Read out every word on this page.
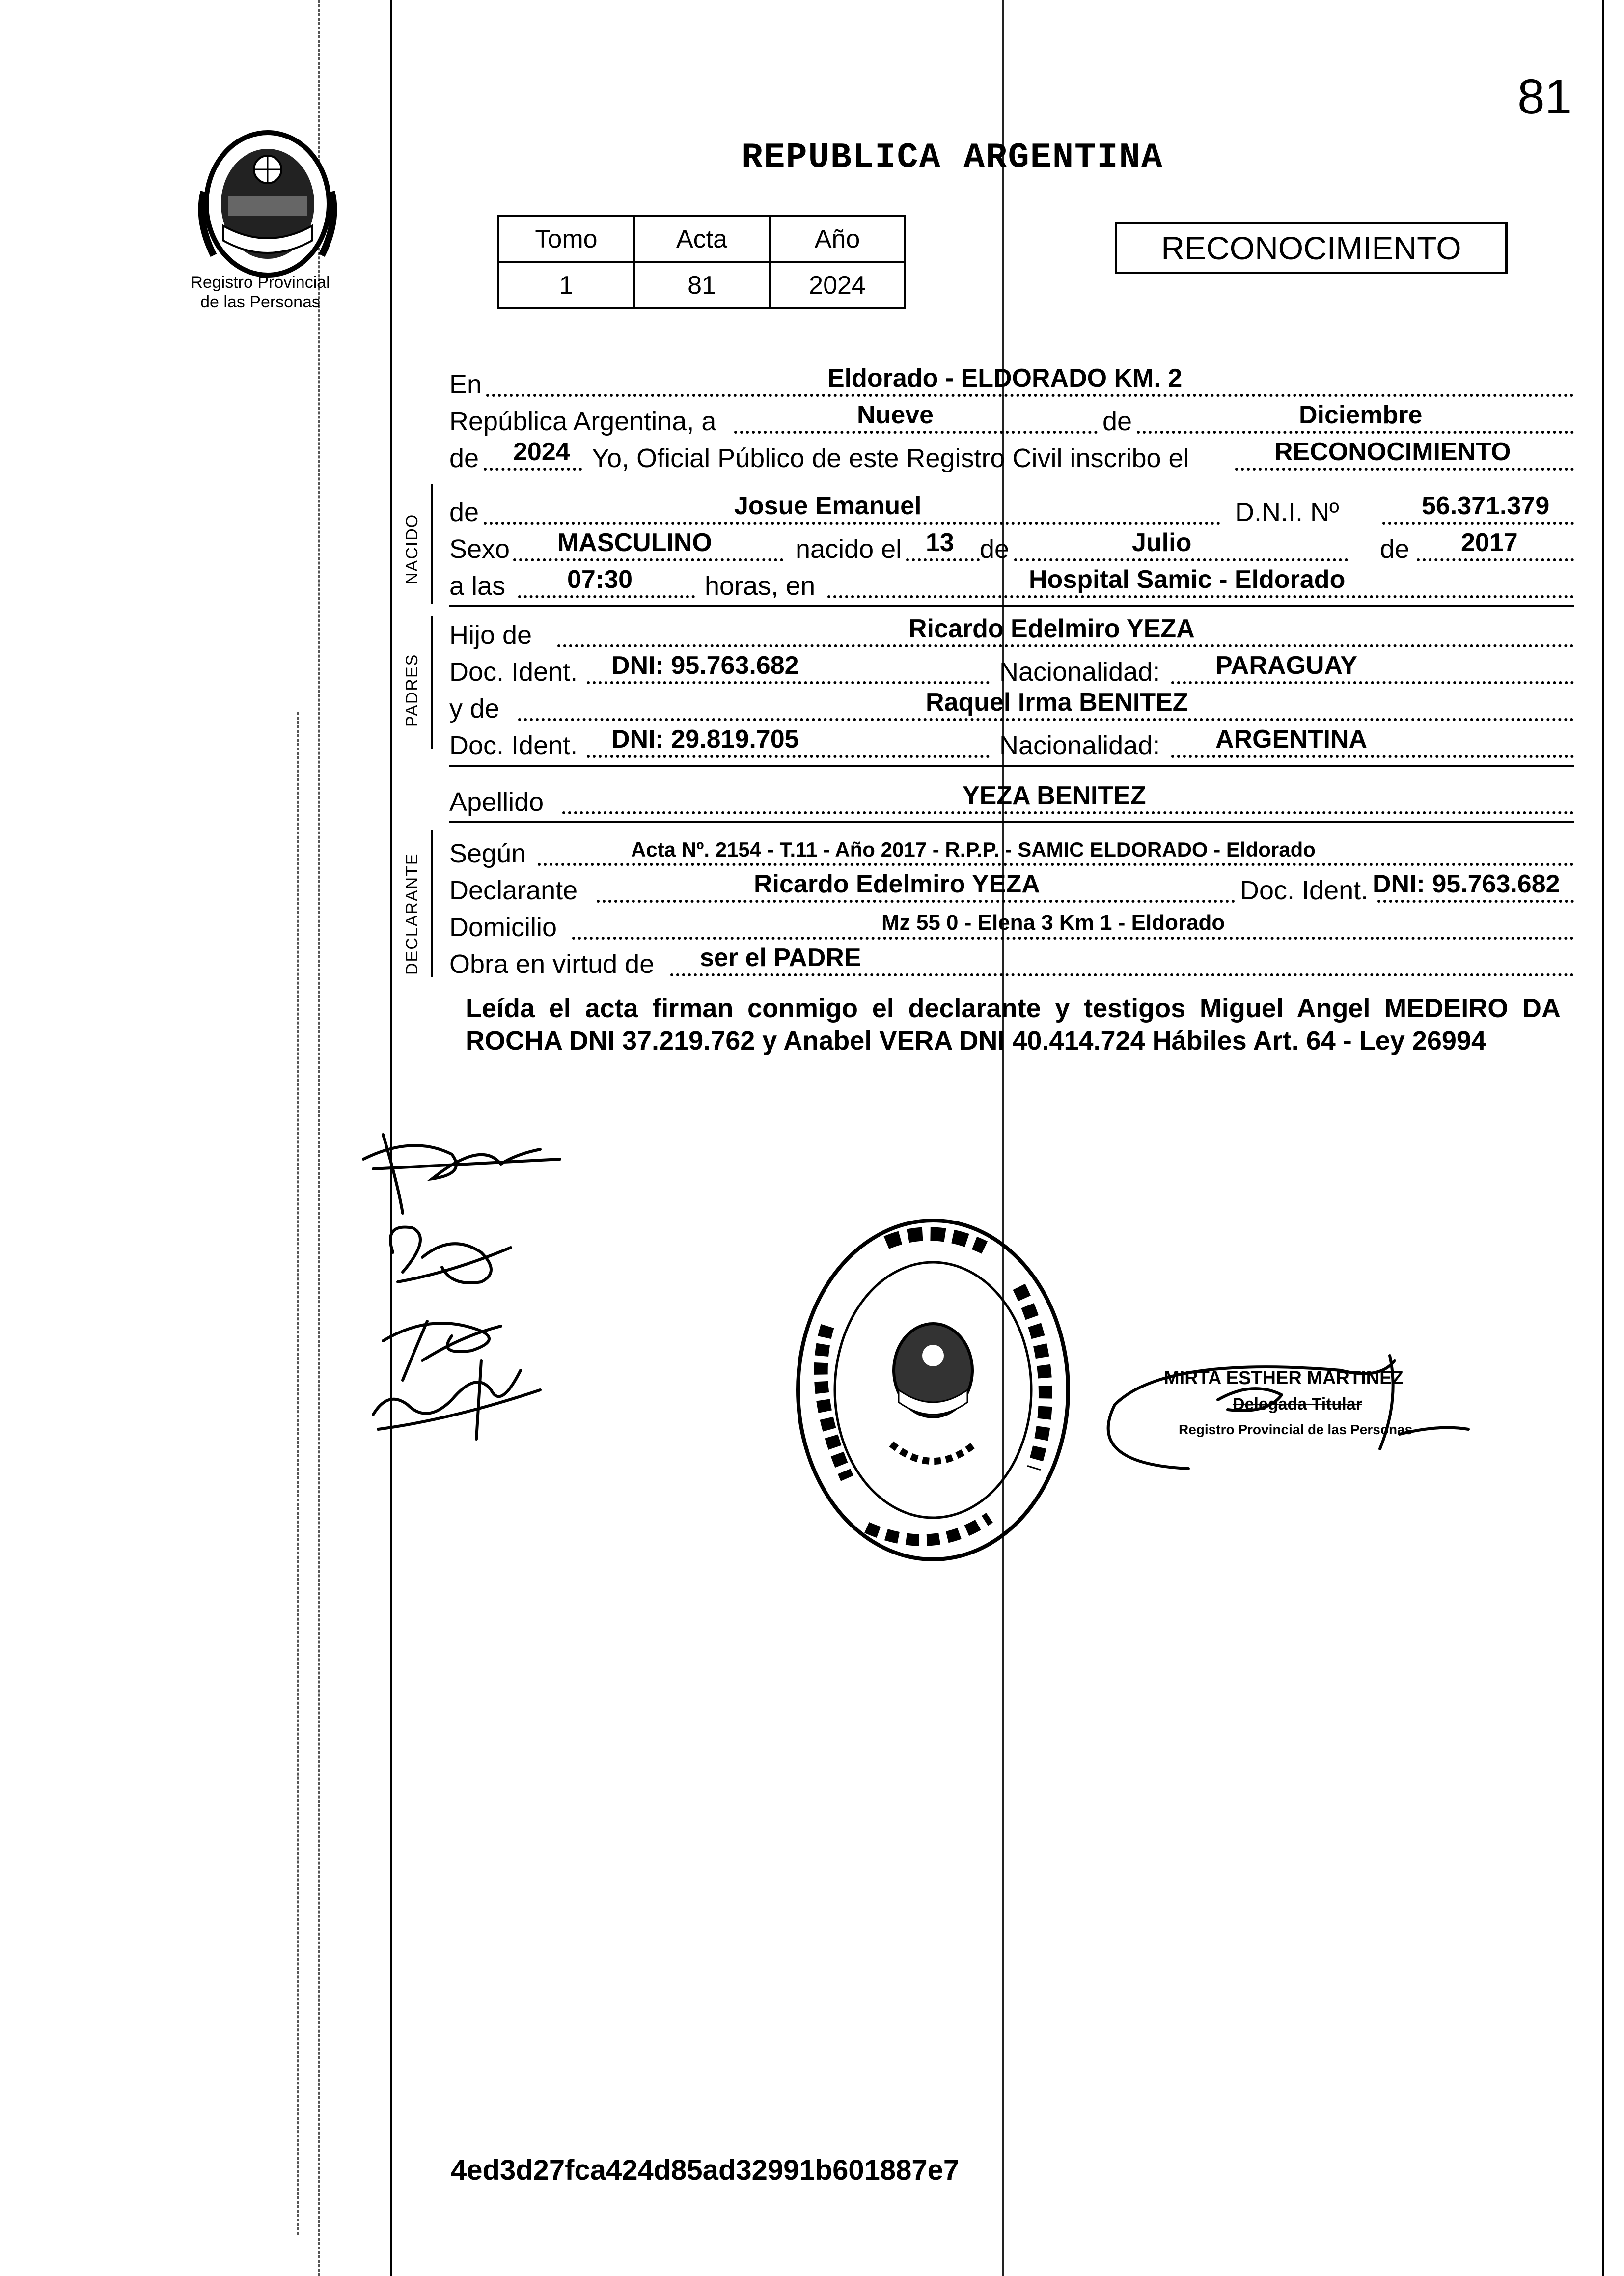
81
Registro Provincial
de las Personas
REPUBLICA ARGENTINA
Tomo	Acta	Año
1	81	2024
RECONOCIMIENTO
En	Eldorado - ELDORADO KM. 2
República Argentina, a	Nueve	de	Diciembre
de 2024 Yo, Oficial Público de este Registro Civil inscribo el	RECONOCIMIENTO
NACIDO
de	Josue Emanuel	D.N.I. Nº	56.371.379
Sexo MASCULINO	nacido el 13 de	Julio	de 2017
a las 07:30	horas, en	Hospital Samic - Eldorado
PADRES
Hijo de	Ricardo Edelmiro YEZA
Doc. Ident. DNI: 95.763.682	Nacionalidad: PARAGUAY
y de	Raquel Irma BENITEZ
Doc. Ident. DNI: 29.819.705	Nacionalidad: ARGENTINA
Apellido	YEZA BENITEZ
DECLARANTE Según	Acta Nº. 2154 - T.11 - Año 2017 - R.P.P. - SAMIC ELDORADO - Eldorado
Declarante	Ricardo Edelmiro YEZA	Doc. Ident. DNI: 95.763.682
Domicilio	Mz 55 0 - Elena 3 Km 1 - Eldorado
Obra en virtud de ser el PADRE
Leída el acta firman conmigo el declarante y testigos Miguel Angel MEDEIRO DA ROCHA DNI 37.219.762 y Anabel VERA DNI 40.414.724 Hábiles Art. 64 - Ley 26994
MIRTA ESTHER MARTINEZ
Delegada Titular
Registro Provincial de las Personas
4ed3d27fca424d85ad32991b601887e7
